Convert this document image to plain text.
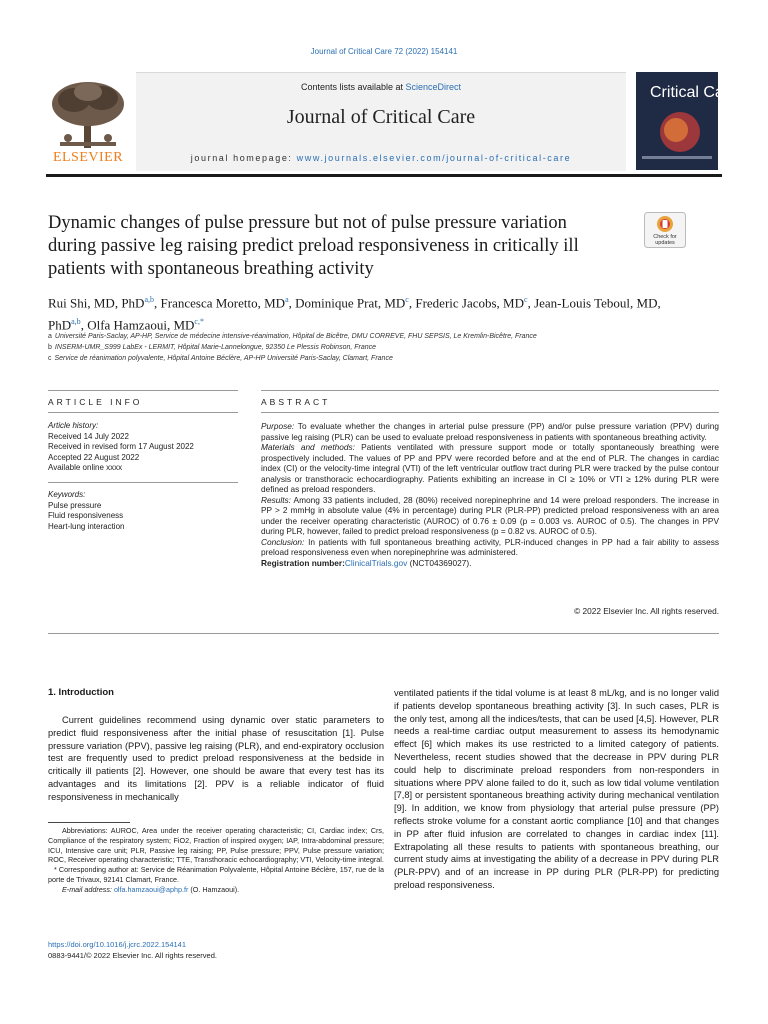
Journal of Critical Care 72 (2022) 154141
Contents lists available at ScienceDirect
Journal of Critical Care
journal homepage: www.journals.elsevier.com/journal-of-critical-care
ELSEVIER
Critical Care
Dynamic changes of pulse pressure but not of pulse pressure variation during passive leg raising predict preload responsiveness in critically ill patients with spontaneous breathing activity
Check for updates
Rui Shi, MD, PhD$^{a,b}$, Francesca Moretto, $MD^a$, Dominique Prat, $MD^c$, Frederic Jacobs, $MD^c$, Jean-Louis Teboul, MD, PhD$^{a,b}$, Olfa Hamzaoui, $MD^{c,*}$
a Université Paris-Saclay, AP-HP, Service de médecine intensive-réanimation, Hôpital de Bicêtre, DMU CORREVE, FHU SEPSIS, Le Kremlin-Bicêtre, France
b INSERM-UMR_S999 LabEx - LERMIT, Hôpital Marie-Lannelongue, 92350 Le Plessis Robinson, France
c Service de réanimation polyvalente, Hôpital Antoine Béclère, AP-HP Université Paris-Saclay, Clamart, France
ARTICLE INFO	ABSTRACT
Article history:
Received 14 July 2022
Received in revised form 17 August 2022
Accepted 22 August 2022
Available online xxxx
Keywords:
Pulse pressure
Fluid responsiveness
Heart-lung interaction

Purpose: To evaluate whether the changes in arterial pulse pressure (PP) and/or pulse pressure variation (PPV) during passive leg raising (PLR) can be used to evaluate preload responsiveness in patients with spontaneous breathing activity.

Materials and methods: Patients ventilated with pressure support mode or totally spontaneously breathing were prospectively included. The values of PP and PPV were recorded before and at the end of PLR. The changes in cardiac index (CI) or the velocity-time integral (VTI) of the left ventricular outflow tract during PLR were tracked by the pulse contour analysis or transthoracic echocardiography. Patients exhibiting an increase in CI ≥ 10% or VTI ≥ 12% during PLR were defined as preload responders.

Results: Among 33 patients included, 28 (80%) received norepinephrine and 14 were preload responders. The increase in PP > 2 mmHg in absolute value (4% in percentage) during PLR (PLR-PP) predicted preload responsiveness with an area under the receiver operating characteristic (AUROC) of 0.76 ± 0.09 (p = 0.003 vs. AUROC of 0.5). The changes in PPV during PLR, however, failed to predict preload responsiveness (p = 0.82 vs. AUROC of 0.5).

Conclusion: In patients with full spontaneous breathing activity, PLR-induced changes in PP had a fair ability to assess preload responsiveness even when norepinephrine was administered.

Registration number:ClinicalTrials.gov (NCT04369027).

© 2022 Elsevier Inc. All rights reserved.
1. Introduction

Current guidelines recommend using dynamic over static parameters to predict fluid responsiveness after the initial phase of resuscitation [1]. Pulse pressure variation (PPV), passive leg raising (PLR), and end-expiratory occlusion test are frequently used to predict preload responsiveness at the bedside in critically ill patients [2]. However, one should be aware that every test has its advantages and its limitations [2]. PPV is a reliable indicator of fluid responsiveness in mechanically

ventilated patients if the tidal volume is at least 8 mL/kg, and is no longer valid if patients develop spontaneous breathing activity [3]. In such cases, PLR is the only test, among all the indices/tests, that can be used [4,5]. However, PLR needs a real-time cardiac output measurement to assess its hemodynamic effect [6] which makes its use restricted to a limited category of patients. Nevertheless, recent studies showed that the decrease in PPV during PLR could help to discriminate preload responders from non-responders in situations where PPV alone failed to do it, such as low tidal volume ventilation [7,8] or persistent spontaneous breathing activity during mechanical ventilation [9]. In addition, we know from physiology that arterial pulse pressure (PP) reflects stroke volume for a constant aortic compliance [10] and that changes in PP after fluid infusion are correlated to changes in cardiac index [11]. Extrapolating all these results to patients with spontaneous breathing, our current study aims at investigating the ability of a decrease in PPV during PLR (PLR-PPV) and of an increase in PP during PLR (PLR-PP) for predicting preload responsiveness.

Abbreviations: AUROC, Area under the receiver operating characteristic; CI, Cardiac index; Crs, Compliance of the respiratory system; FiO2, Fraction of inspired oxygen; IAP, Intra-abdominal pressure; ICU, Intensive care unit; PLR, Passive leg raising; PP, Pulse pressure; PPV, Pulse pressure variation; ROC, Receiver operating characteristic; TTE, Transthoracic echocardiography; VTI, Velocity-time integral.

* Corresponding author at: Service de Réanimation Polyvalente, Hôpital Antoine Béclère, 157, rue de la porte de Trivaux, 92141 Clamart, France.

E-mail address: olfa.hamzaoui@aphp.fr (O. Hamzaoui).

https://doi.org/10.1016/j.jcrc.2022.154141
0883-9441/© 2022 Elsevier Inc. All rights reserved.
